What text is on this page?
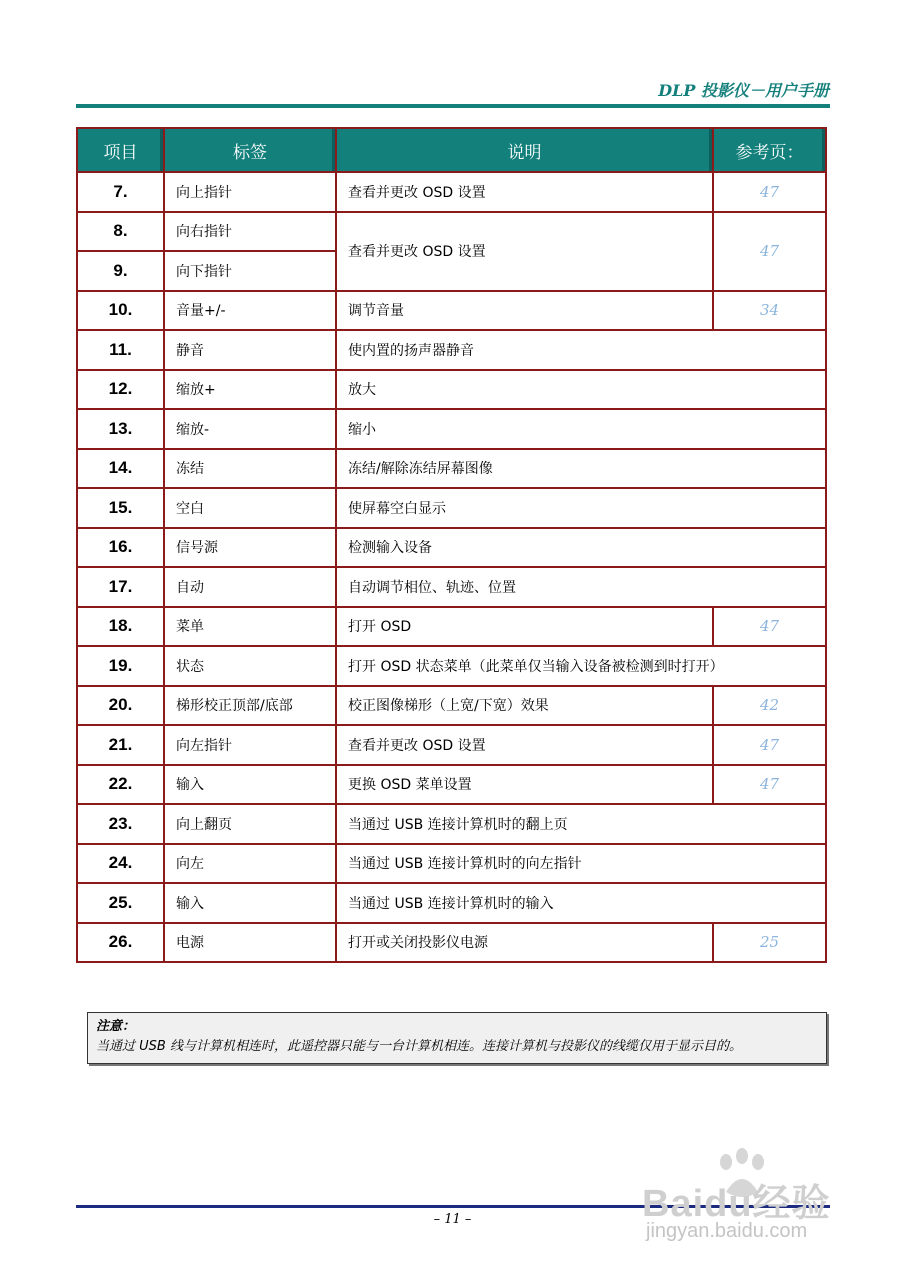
DLP 投影仪－用户手册
项目	标签	说明	参考页：
7.	向上指针	查看并更改 OSD 设置	47
8.	向右指针	查看并更改 OSD 设置	47
9.	向下指针		
10.	音量+/-	调节音量	34
11.	静音	使内置的扬声器静音	
12.	缩放+	放大	
13.	缩放-	缩小	
14.	冻结	冻结/解除冻结屏幕图像	
15.	空白	使屏幕空白显示	
16.	信号源	检测输入设备	
17.	自动	自动调节相位、轨迹、位置	
18.	菜单	打开 OSD	47
19.	状态	打开 OSD 状态菜单（此菜单仅当输入设备被检测到时打开）	
20.	梯形校正顶部/底部	校正图像梯形（上宽/下宽）效果	42
21.	向左指针	查看并更改 OSD 设置	47
22.	输入	更换 OSD 菜单设置	47
23.	向上翻页	当通过 USB 连接计算机时的翻上页	
24.	向左	当通过 USB 连接计算机时的向左指针	
25.	输入	当通过 USB 连接计算机时的输入	
26.	电源	打开或关闭投影仪电源	25
注意：
当通过 USB 线与计算机相连时，此遥控器只能与一台计算机相连。连接计算机与投影仪的线缆仅用于显示目的。
– 11 –	Baidu经验
jingyan.baidu.com
